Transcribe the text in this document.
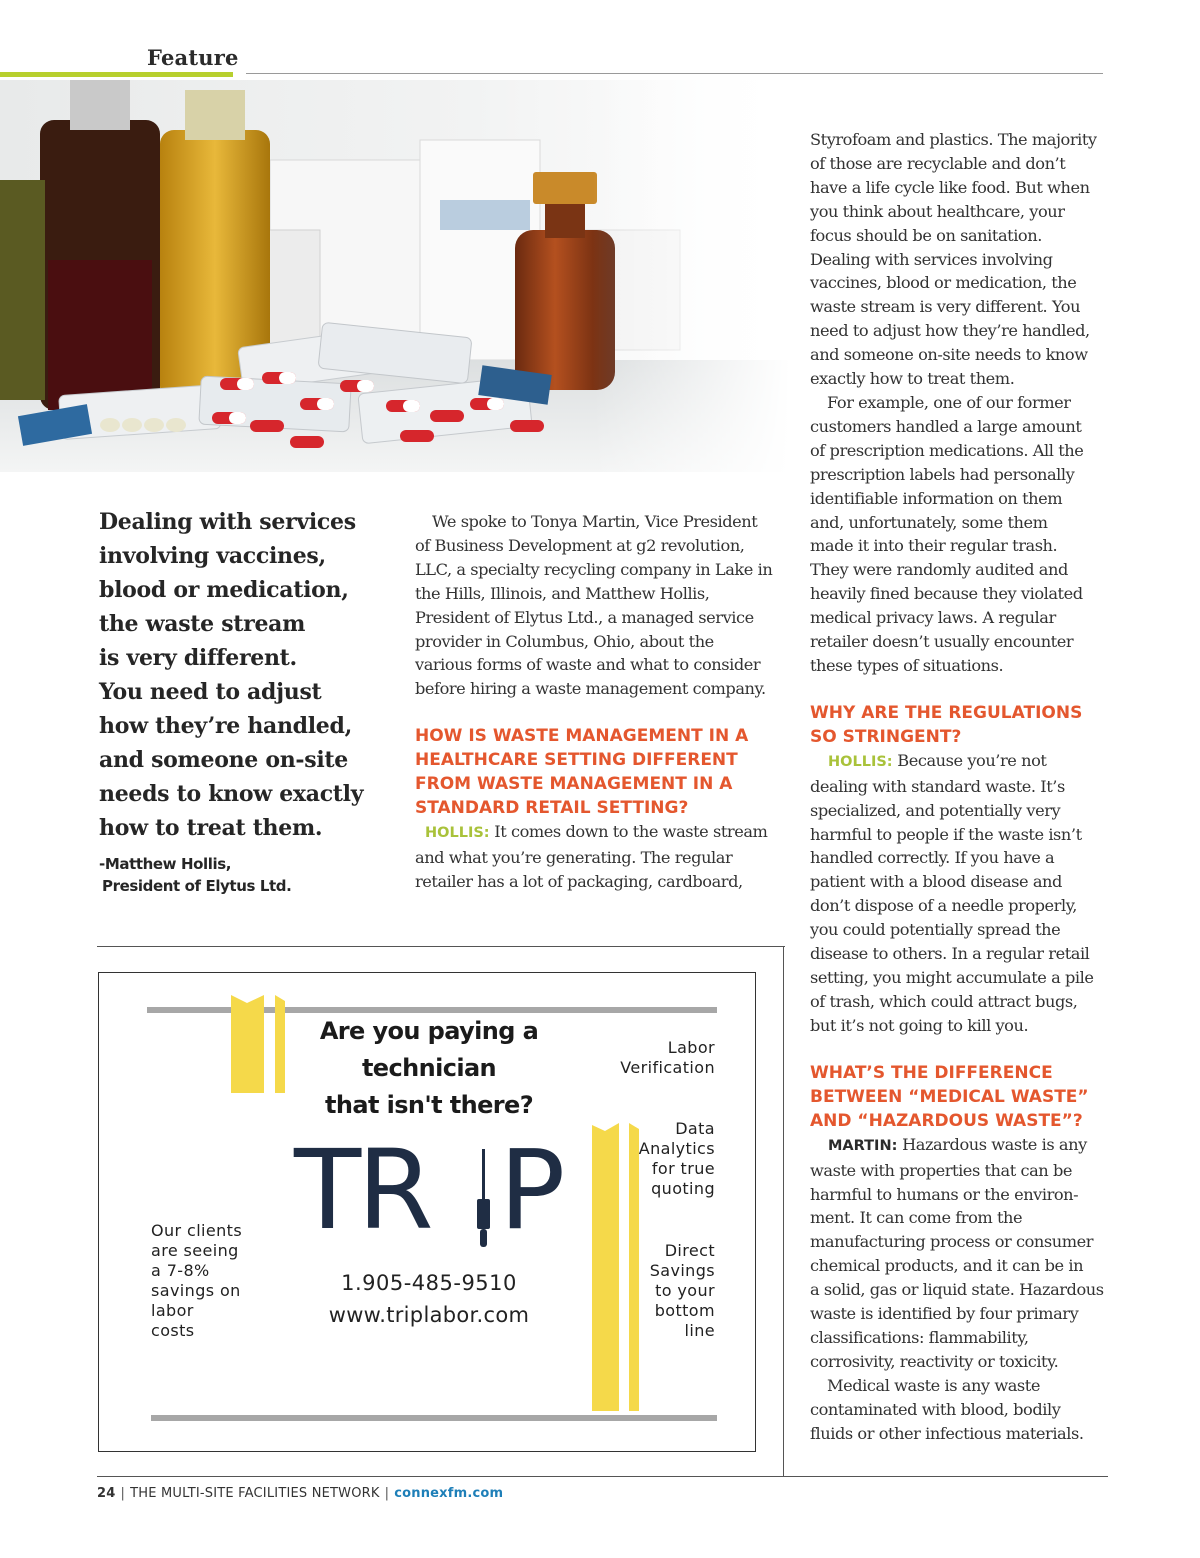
Feature
Dealing with services
involving vaccines,
blood or medication,
the waste stream
is very different.
You need to adjust
how they’re handled,
and someone on-site
needs to know exactly
how to treat them.
-Matthew Hollis,
President of Elytus Ltd.
We spoke to Tonya Martin, Vice President
of Business Development at g2 revolution,
LLC, a specialty recycling company in Lake in
the Hills, Illinois, and Matthew Hollis,
President of Elytus Ltd., a managed service
provider in Columbus, Ohio, about the
various forms of waste and what to consider
before hiring a waste management company.
HOW IS WASTE MANAGEMENT IN A
HEALTHCARE SETTING DIFFERENT
FROM WASTE MANAGEMENT IN A
STANDARD RETAIL SETTING?
HOLLIS: It comes down to the waste stream
and what you’re generating. The regular
retailer has a lot of packaging, cardboard,
Styrofoam and plastics. The majority
of those are recyclable and don’t
have a life cycle like food. But when
you think about healthcare, your
focus should be on sanitation.
Dealing with services involving
vaccines, blood or medication, the
waste stream is very different. You
need to adjust how they’re handled,
and someone on-site needs to know
exactly how to treat them.
For example, one of our former
customers handled a large amount
of prescription medications. All the
prescription labels had personally
identifiable information on them
and, unfortunately, some them
made it into their regular trash.
They were randomly audited and
heavily fined because they violated
medical privacy laws. A regular
retailer doesn’t usually encounter
these types of situations.
WHY ARE THE REGULATIONS
SO STRINGENT?
HOLLIS: Because you’re not
dealing with standard waste. It’s
specialized, and potentially very
harmful to people if the waste isn’t
handled correctly. If you have a
patient with a blood disease and
don’t dispose of a needle properly,
you could potentially spread the
disease to others. In a regular retail
setting, you might accumulate a pile
of trash, which could attract bugs,
but it’s not going to kill you.
WHAT’S THE DIFFERENCE
BETWEEN “MEDICAL WASTE”
AND “HAZARDOUS WASTE”?
MARTIN: Hazardous waste is any
waste with properties that can be
harmful to humans or the environ-
ment. It can come from the
manufacturing process or consumer
chemical products, and it can be in
a solid, gas or liquid state. Hazardous
waste is identified by four primary
classifications: flammability,
corrosivity, reactivity or toxicity.
Medical waste is any waste
contaminated with blood, bodily
fluids or other infectious materials.
Are you paying a
technician
that isn't there?
TR P
1.905-485-9510
www.triplabor.com
Our clients
are seeing
a 7-8%
savings on
labor
costs
Labor
Verification
Data
Analytics
for true
quoting
Direct
Savings
to your
bottom
line
24 | THE MULTI-SITE FACILITIES NETWORK | connexfm.com
